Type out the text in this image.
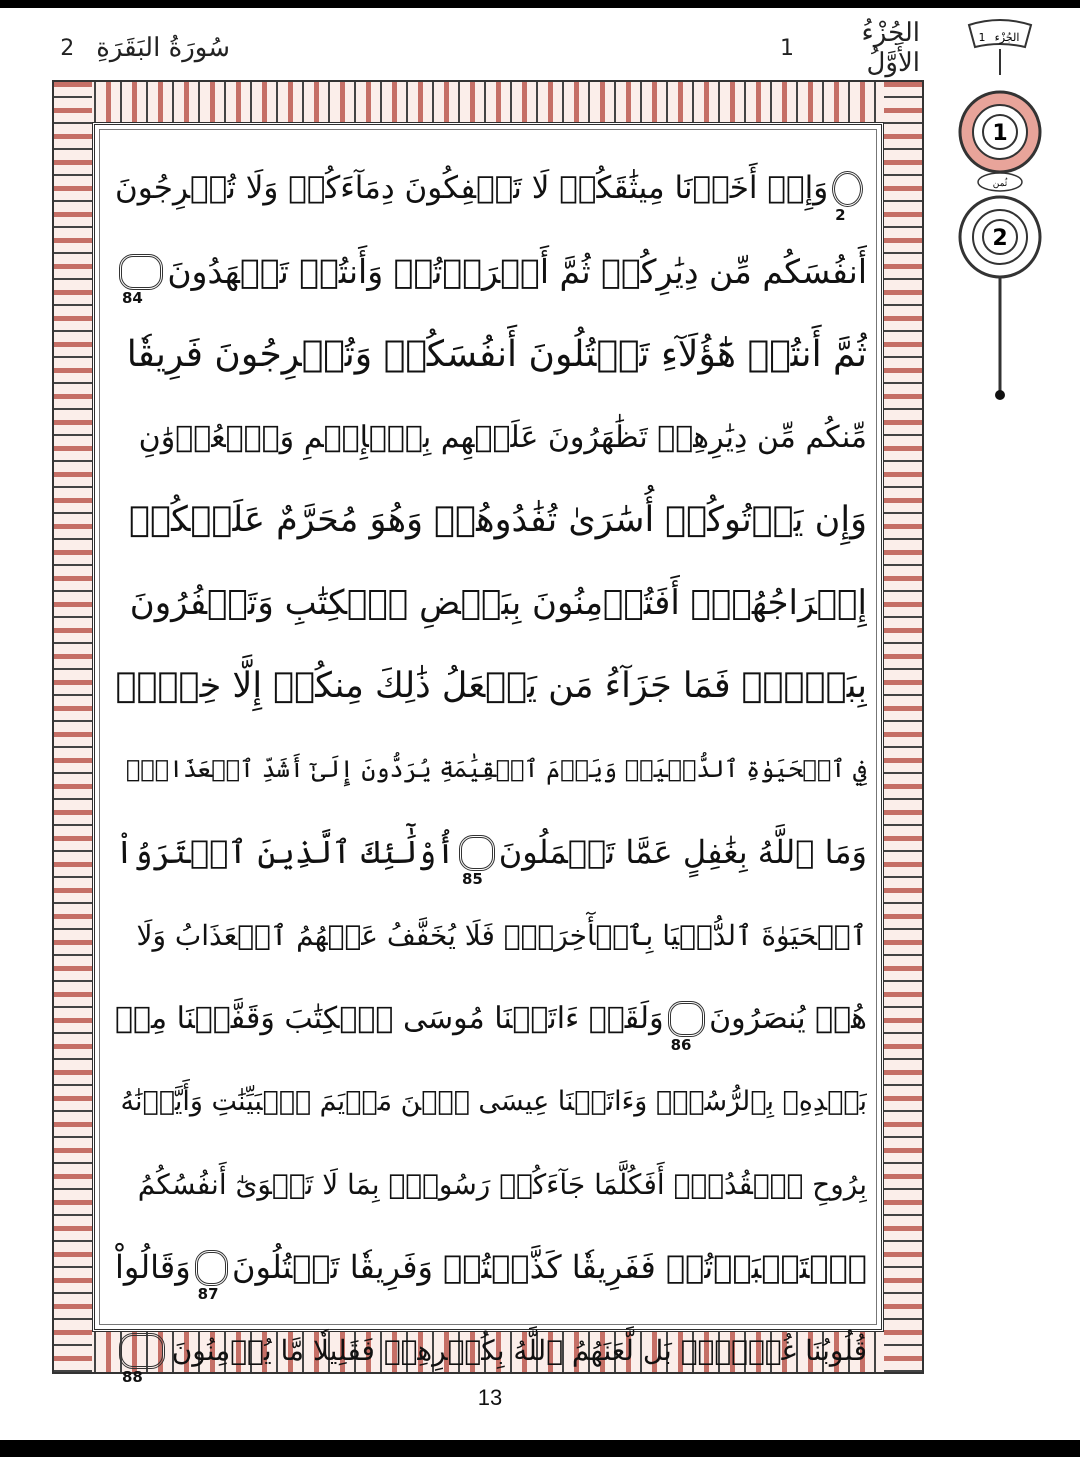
سُورَةُ البَقَرَةِ
2	الجُزْءُ الأَوَّلُ
1	الجُزْء
1
1
ثُمن
2
2
وَإِذۡ أَخَذۡنَا مِيثَٰقَكُمۡ لَا تَسۡفِكُونَ دِمَآءَكُمۡ وَلَا تُخۡرِجُونَ
أَنفُسَكُم مِّن دِيَٰرِكُمۡ ثُمَّ أَقۡرَرۡتُمۡ وَأَنتُمۡ تَشۡهَدُونَ
84
ثُمَّ أَنتُمۡ هَٰٓؤُلَآءِ تَقۡتُلُونَ أَنفُسَكُمۡ وَتُخۡرِجُونَ فَرِيقٗا
مِّنكُم مِّن دِيَٰرِهِمۡ تَظَٰهَرُونَ عَلَيۡهِم بِٱلۡإِثۡمِ وَٱلۡعُدۡوَٰنِ
وَإِن يَأۡتُوكُمۡ أُسَٰرَىٰ تُفَٰدُوهُمۡ وَهُوَ مُحَرَّمٌ عَلَيۡكُمۡ
إِخۡرَاجُهُمۡۚ أَفَتُؤۡمِنُونَ بِبَعۡضِ ٱلۡكِتَٰبِ وَتَكۡفُرُونَ
بِبَعۡضٖۚ فَمَا جَزَآءُ مَن يَفۡعَلُ ذَٰلِكَ مِنكُمۡ إِلَّا خِزۡيٞ
فِي ٱلۡحَيَوٰةِ ٱلدُّنۡيَاۖ وَيَوۡمَ ٱلۡقِيَٰمَةِ يُرَدُّونَ إِلَىٰٓ أَشَدِّ ٱلۡعَذَابِۗ
وَمَا ٱللَّهُ بِغَٰفِلٍ عَمَّا تَعۡمَلُونَ
85
أُوْلَٰٓئِكَ ٱلَّذِينَ ٱشۡتَرَوُاْ
ٱلۡحَيَوٰةَ ٱلدُّنۡيَا بِٱلۡأٓخِرَةِۖ فَلَا يُخَفَّفُ عَنۡهُمُ ٱلۡعَذَابُ وَلَا
هُمۡ يُنصَرُونَ
86
وَلَقَدۡ ءَاتَيۡنَا مُوسَى ٱلۡكِتَٰبَ وَقَفَّيۡنَا مِنۢ
بَعۡدِهِۦ بِٱلرُّسُلِۖ وَءَاتَيۡنَا عِيسَى ٱبۡنَ مَرۡيَمَ ٱلۡبَيِّنَٰتِ وَأَيَّدۡنَٰهُ
بِرُوحِ ٱلۡقُدُسِۗ أَفَكُلَّمَا جَآءَكُمۡ رَسُولُۢ بِمَا لَا تَهۡوَىٰٓ أَنفُسُكُمُ
ٱسۡتَكۡبَرۡتُمۡ فَفَرِيقٗا كَذَّبۡتُمۡ وَفَرِيقٗا تَقۡتُلُونَ
87
وَقَالُواْ
قُلُوبُنَا غُلۡفُۢۚ بَل لَّعَنَهُمُ ٱللَّهُ بِكُفۡرِهِمۡ فَقَلِيلٗا مَّا يُؤۡمِنُونَ
88
13
